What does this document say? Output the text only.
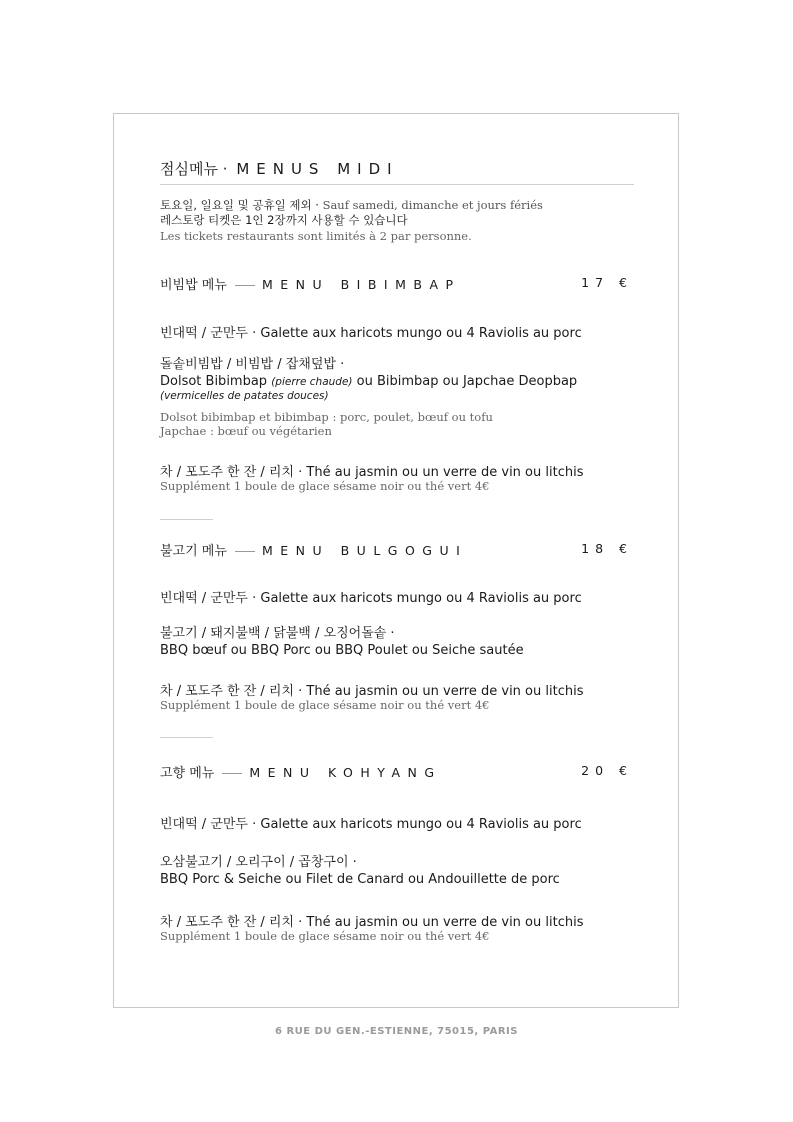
점심메뉴 · MENUS MIDI
토요일, 일요일 및 공휴일 제외 · Sauf samedi, dimanche et jours fériés
레스토랑 티켓은 1인 2장까지 사용할 수 있습니다
Les tickets restaurants sont limités à 2 par personne.
비빔밥 메뉴	MENU BIBIMBAP	17 €
빈대떡 / 군만두 · Galette aux haricots mungo ou 4 Raviolis au porc
돌솥비빔밥 / 비빔밥 / 잡채덮밥 ·
Dolsot Bibimbap (pierre chaude) ou Bibimbap ou Japchae Deopbap
(vermicelles de patates douces)
Dolsot bibimbap et bibimbap : porc, poulet, bœuf ou tofu
Japchae : bœuf ou végétarien
차 / 포도주 한 잔 / 리치 · Thé au jasmin ou un verre de vin ou litchis
Supplément 1 boule de glace sésame noir ou thé vert 4€
불고기 메뉴	MENU BULGOGUI	18 €
빈대떡 / 군만두 · Galette aux haricots mungo ou 4 Raviolis au porc
불고기 / 돼지불백 / 닭불백 / 오징어돌솥 ·
BBQ bœuf ou BBQ Porc ou BBQ Poulet ou Seiche sautée
차 / 포도주 한 잔 / 리치 · Thé au jasmin ou un verre de vin ou litchis
Supplément 1 boule de glace sésame noir ou thé vert 4€
고향 메뉴	MENU KOHYANG	20 €
빈대떡 / 군만두 · Galette aux haricots mungo ou 4 Raviolis au porc
오삼불고기 / 오리구이 / 곱창구이 ·
BBQ Porc & Seiche ou Filet de Canard ou Andouillette de porc
차 / 포도주 한 잔 / 리치 · Thé au jasmin ou un verre de vin ou litchis
Supplément 1 boule de glace sésame noir ou thé vert 4€
6 RUE DU GEN.-ESTIENNE, 75015, PARIS
